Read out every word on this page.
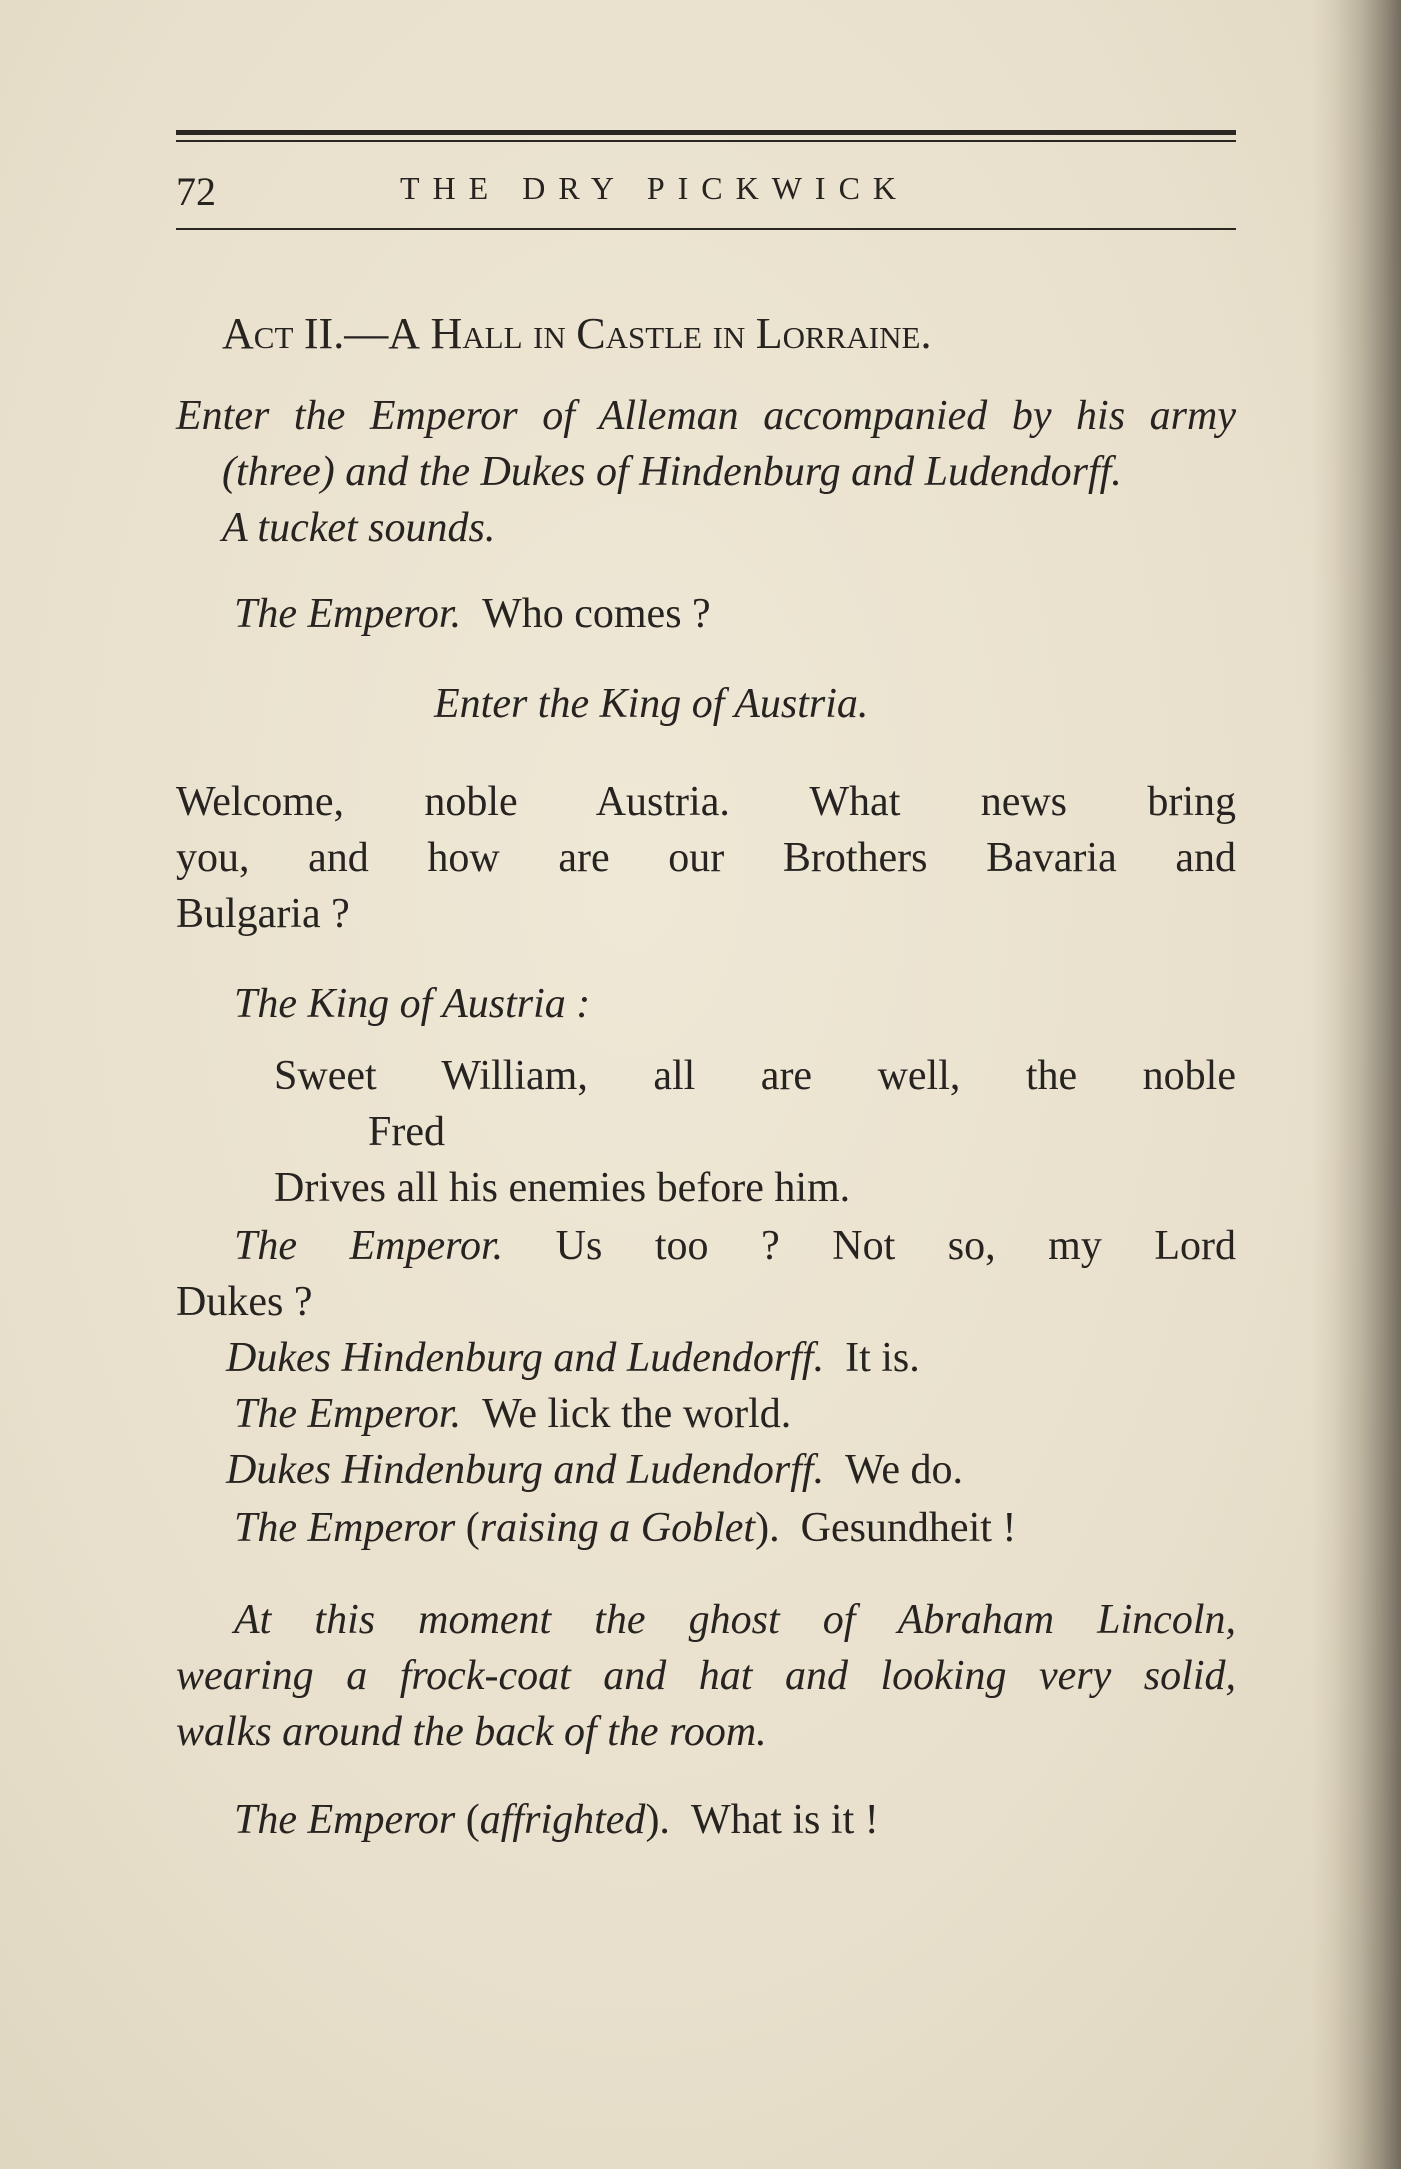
72	THE DRY PICKWICK
ACT II.—A HALL IN CASTLE IN LORRAINE.
Enter the Emperor of Alleman accompanied by his army
(three) and the Dukes of Hindenburg and Ludendorff.
A tucket sounds.
The Emperor. Who comes ?
Enter the King of Austria.
Welcome, noble Austria. What news bring
you, and how are our Brothers Bavaria and
Bulgaria ?
The King of Austria :
Sweet William, all are well, the noble
Fred
Drives all his enemies before him.
The Emperor. Us too ? Not so, my Lord
Dukes ?
Dukes Hindenburg and Ludendorff. It is.
The Emperor. We lick the world.
Dukes Hindenburg and Ludendorff. We do.
The Emperor (raising a Goblet). Gesundheit !
At this moment the ghost of Abraham Lincoln,
wearing a frock-coat and hat and looking very solid,
walks around the back of the room.
The Emperor (affrighted). What is it !
